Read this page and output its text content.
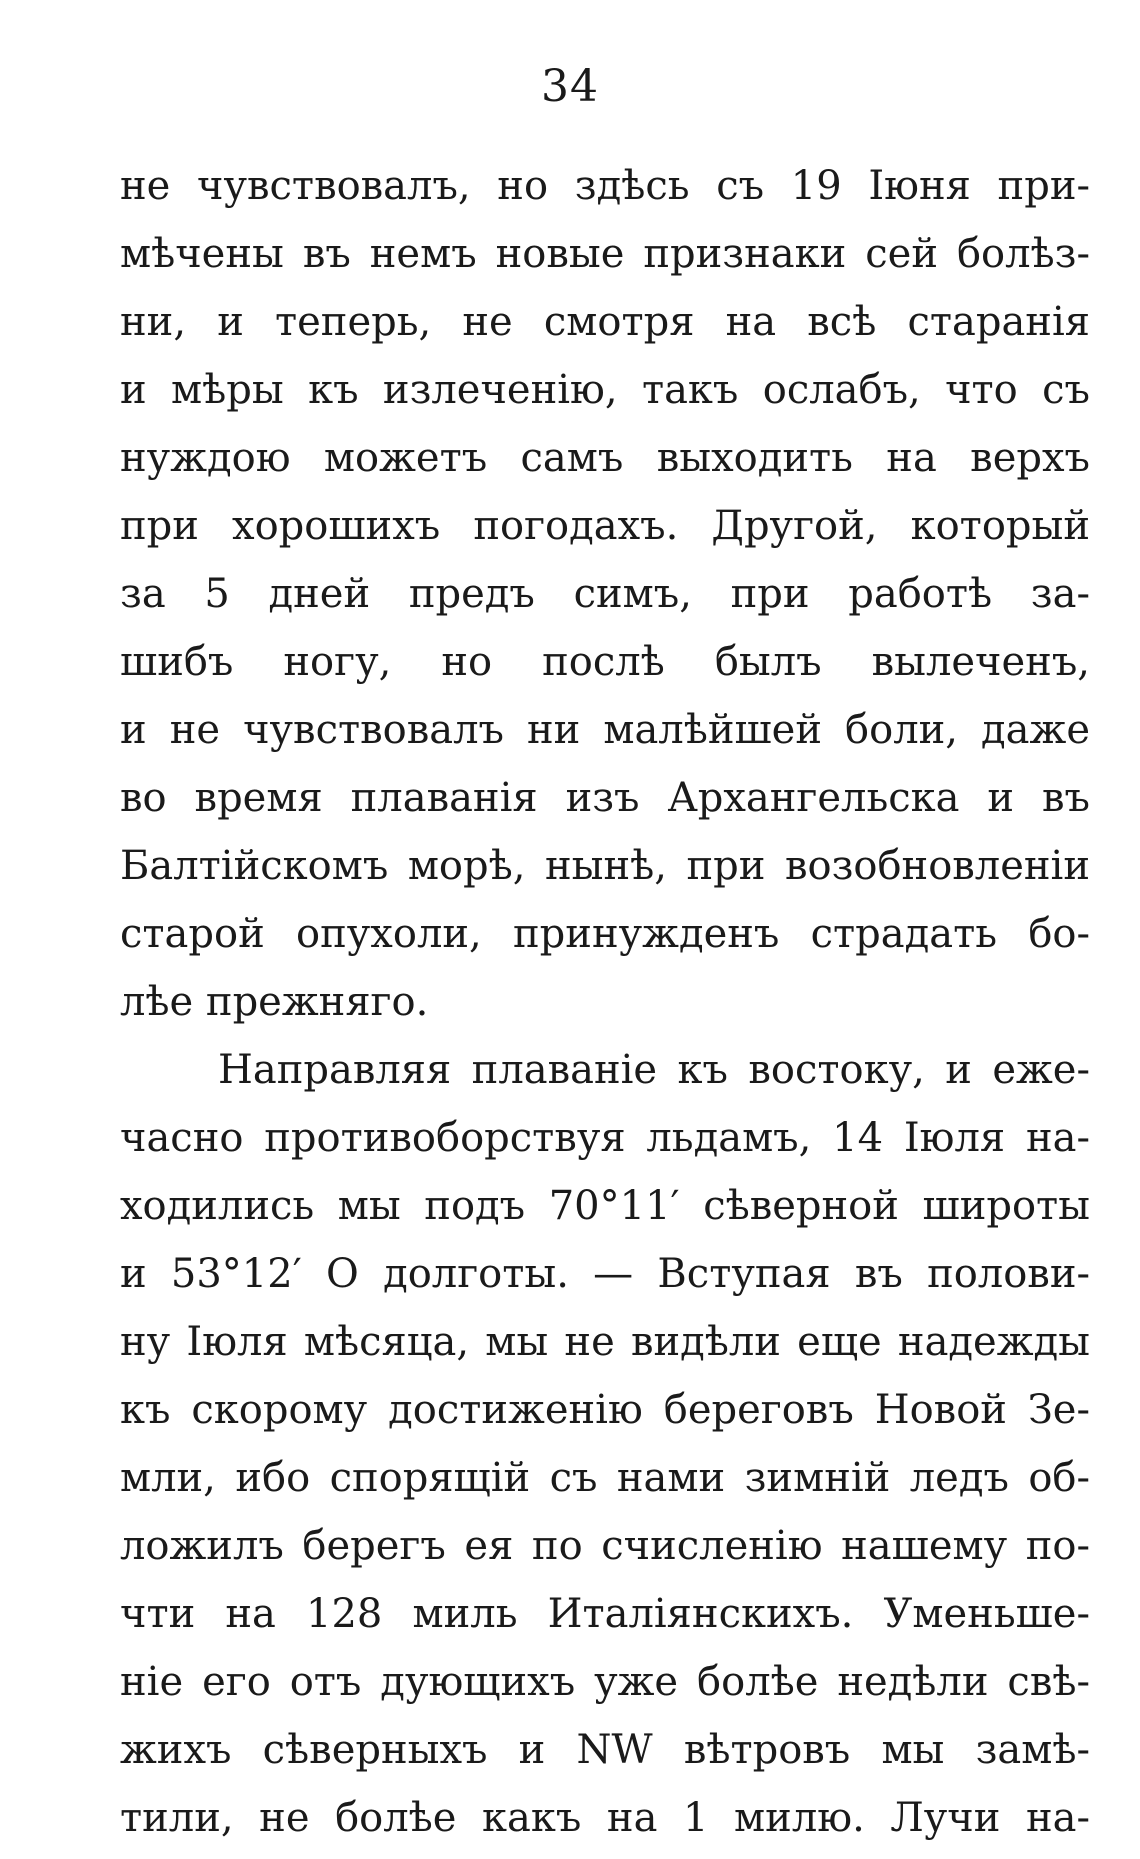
34
не чувствовалъ, но здѣсь съ 19 Іюня при-
мѣчены въ немъ новые признаки сей болѣз-
ни, и теперь, не смотря на всѣ старанія
и мѣры къ излеченію, такъ ослабъ, что съ
нуждою можетъ самъ выходить на верхъ
при хорошихъ погодахъ. Другой, который
за 5 дней предъ симъ, при работѣ за-
шибъ ногу, но послѣ былъ вылеченъ,
и не чувствовалъ ни малѣйшей боли, даже
во время плаванія изъ Архангельска и въ
Балтійскомъ морѣ, нынѣ, при возобновленіи
старой опухоли, принужденъ страдать бо-
лѣе прежняго.
Направляя плаваніе къ востоку, и еже-
часно противоборствуя льдамъ, 14 Іюля на-
ходились мы подъ 70°11′ сѣверной широты
и 53°12′ О долготы. — Вступая въ полови-
ну Іюля мѣсяца, мы не видѣли еще надежды
къ скорому достиженію береговъ Новой Зе-
мли, ибо спорящій съ нами зимній ледъ об-
ложилъ берегъ ея по счисленію нашему по-
чти на 128 миль Италіянскихъ. Уменьше-
ніе его отъ дующихъ уже болѣе недѣли свѣ-
жихъ сѣверныхъ и NW вѣтровъ мы замѣ-
тили, не болѣе какъ на 1 милю. Лучи на-
